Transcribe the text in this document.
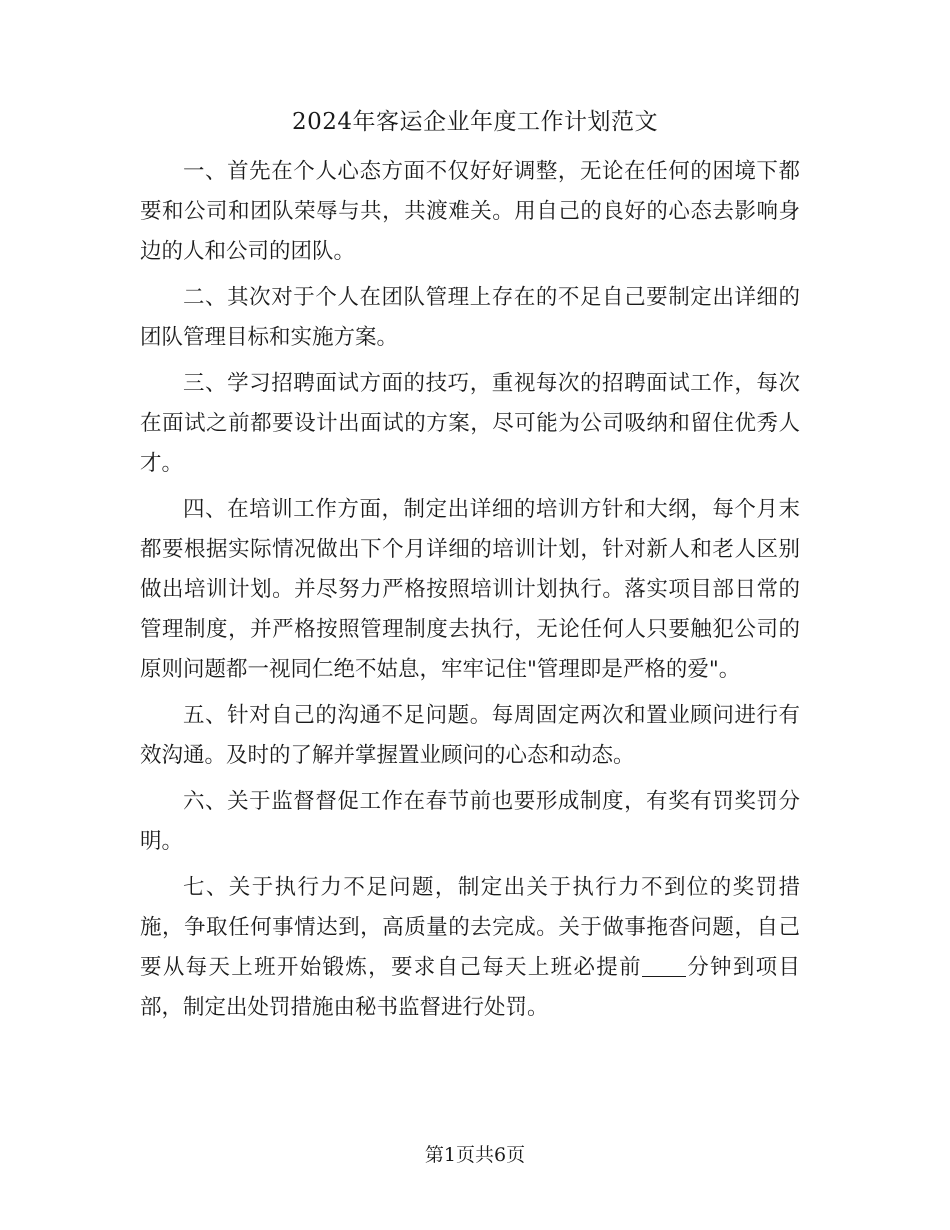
2024年客运企业年度工作计划范文

一、首先在个人心态方面不仅好好调整，无论在任何的困境下都要和公司和团队荣辱与共，共渡难关。用自己的良好的心态去影响身边的人和公司的团队。

二、其次对于个人在团队管理上存在的不足自己要制定出详细的团队管理目标和实施方案。

三、学习招聘面试方面的技巧，重视每次的招聘面试工作，每次在面试之前都要设计出面试的方案，尽可能为公司吸纳和留住优秀人才。

四、在培训工作方面，制定出详细的培训方针和大纲，每个月末都要根据实际情况做出下个月详细的培训计划，针对新人和老人区别做出培训计划。并尽努力严格按照培训计划执行。落实项目部日常的管理制度，并严格按照管理制度去执行，无论任何人只要触犯公司的原则问题都一视同仁绝不姑息，牢牢记住"管理即是严格的爱"。

五、针对自己的沟通不足问题。每周固定两次和置业顾问进行有效沟通。及时的了解并掌握置业顾问的心态和动态。

六、关于监督督促工作在春节前也要形成制度，有奖有罚奖罚分明。

七、关于执行力不足问题，制定出关于执行力不到位的奖罚措施，争取任何事情达到，高质量的去完成。关于做事拖沓问题，自己要从每天上班开始锻炼，要求自己每天上班必提前 分钟到项目部，制定出处罚措施由秘书监督进行处罚。

第1页共6页
